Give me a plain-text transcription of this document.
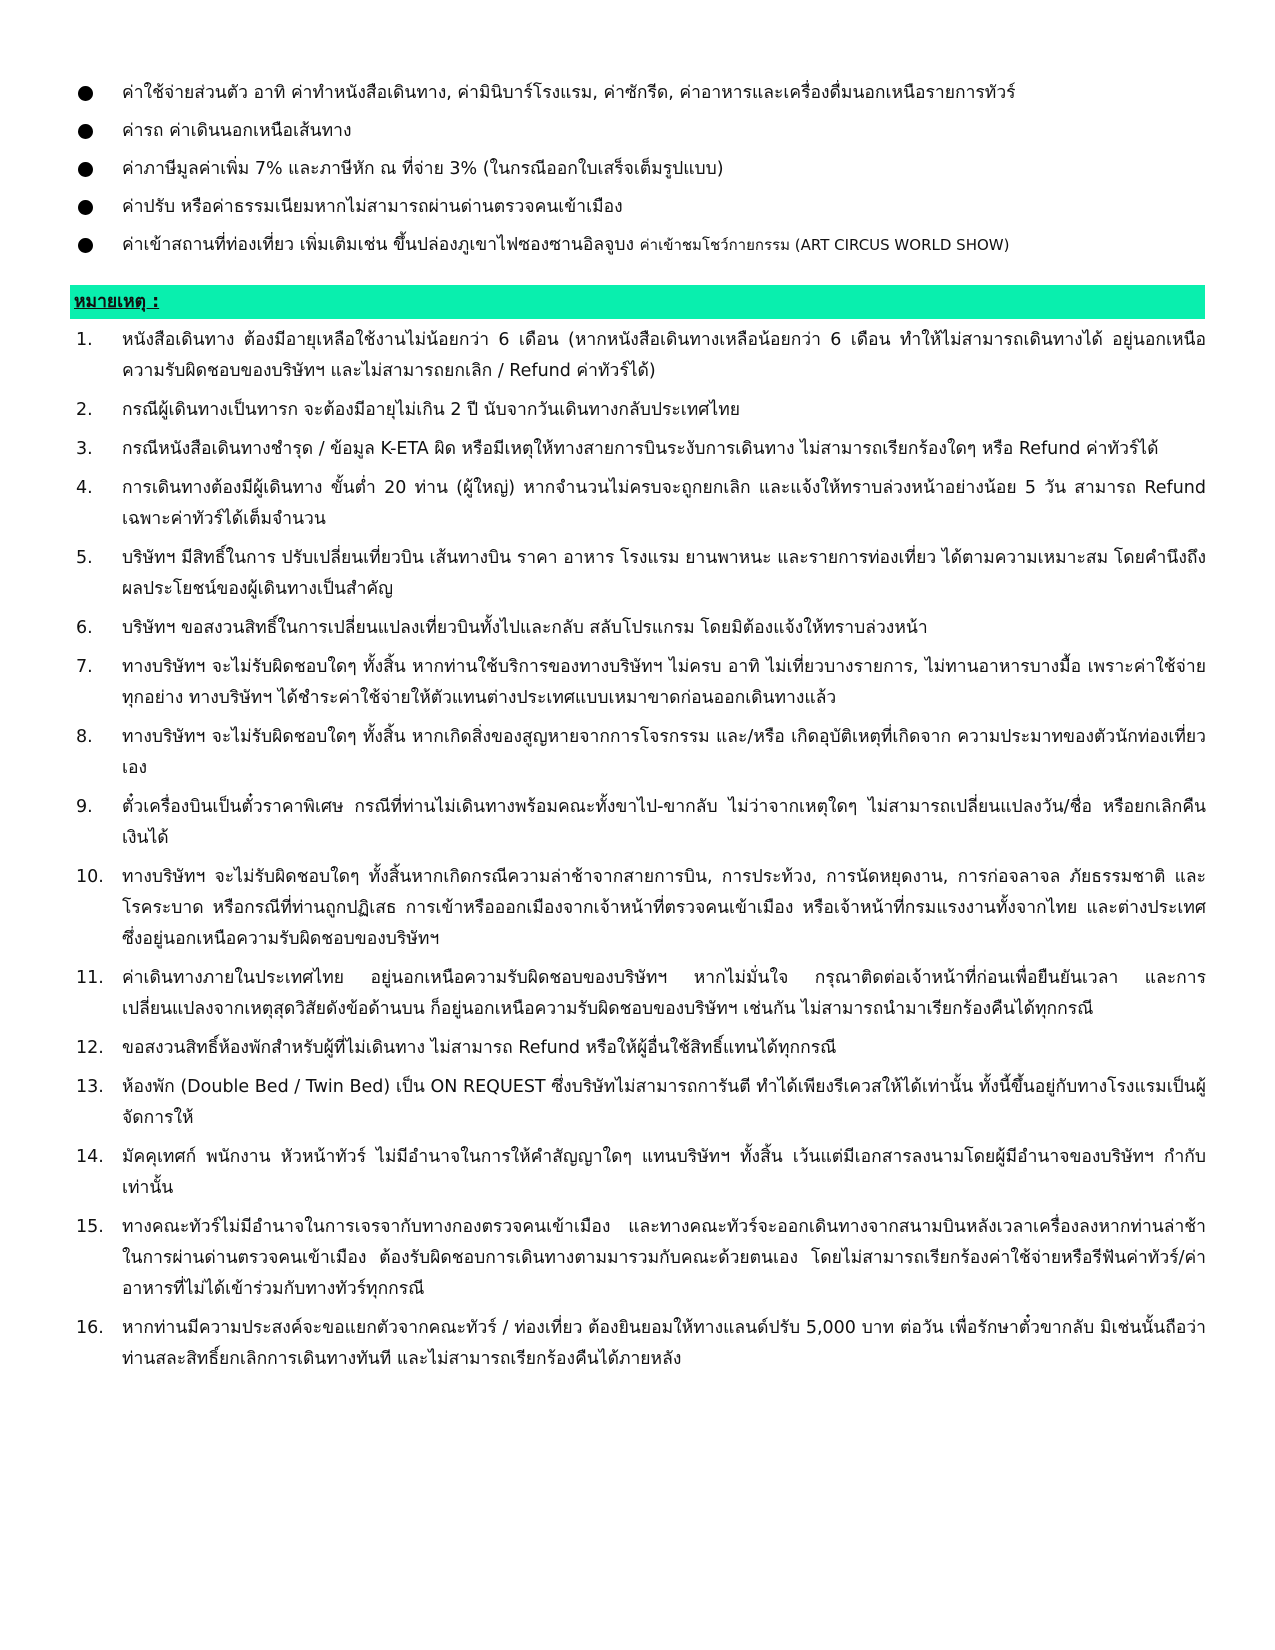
ค่าใช้จ่ายส่วนตัว อาทิ ค่าทำหนังสือเดินทาง, ค่ามินิบาร์โรงแรม, ค่าซักรีด, ค่าอาหารและเครื่องดื่มนอกเหนือรายการทัวร์
ค่ารถ ค่าเดินนอกเหนือเส้นทาง
ค่าภาษีมูลค่าเพิ่ม 7% และภาษีหัก ณ ที่จ่าย 3% (ในกรณีออกใบเสร็จเต็มรูปแบบ)
ค่าปรับ หรือค่าธรรมเนียมหากไม่สามารถผ่านด่านตรวจคนเข้าเมือง
ค่าเข้าสถานที่ท่องเที่ยว เพิ่มเติมเช่น ขึ้นปล่องภูเขาไฟซองซานอิลจูบง ค่าเข้าชมโชว์กายกรรม (ART CIRCUS WORLD SHOW)
หมายเหตุ :
1. หนังสือเดินทาง ต้องมีอายุเหลือใช้งานไม่น้อยกว่า 6 เดือน (หากหนังสือเดินทางเหลือน้อยกว่า 6 เดือน ทำให้ไม่สามารถเดินทางได้ อยู่นอกเหนือความรับผิดชอบของบริษัทฯ และไม่สามารถยกเลิก / Refund ค่าทัวร์ได้)
2. กรณีผู้เดินทางเป็นทารก จะต้องมีอายุไม่เกิน 2 ปี นับจากวันเดินทางกลับประเทศไทย
3. กรณีหนังสือเดินทางชำรุด / ข้อมูล K-ETA ผิด หรือมีเหตุให้ทางสายการบินระงับการเดินทาง ไม่สามารถเรียกร้องใดๆ หรือ Refund ค่าทัวร์ได้
4. การเดินทางต้องมีผู้เดินทาง ขั้นต่ำ 20 ท่าน (ผู้ใหญ่) หากจำนวนไม่ครบจะถูกยกเลิก และแจ้งให้ทราบล่วงหน้าอย่างน้อย 5 วัน สามารถ Refund เฉพาะค่าทัวร์ได้เต็มจำนวน
5. บริษัทฯ มีสิทธิ์ในการ ปรับเปลี่ยนเที่ยวบิน เส้นทางบิน ราคา อาหาร โรงแรม ยานพาหนะ และรายการท่องเที่ยว ได้ตามความเหมาะสม โดยคำนึงถึงผลประโยชน์ของผู้เดินทางเป็นสำคัญ
6. บริษัทฯ ขอสงวนสิทธิ์ในการเปลี่ยนแปลงเที่ยวบินทั้งไปและกลับ สลับโปรแกรม โดยมิต้องแจ้งให้ทราบล่วงหน้า
7. ทางบริษัทฯ จะไม่รับผิดชอบใดๆ ทั้งสิ้น หากท่านใช้บริการของทางบริษัทฯ ไม่ครบ อาทิ ไม่เที่ยวบางรายการ, ไม่ทานอาหารบางมื้อ เพราะค่าใช้จ่ายทุกอย่าง ทางบริษัทฯ ได้ชำระค่าใช้จ่ายให้ตัวแทนต่างประเทศแบบเหมาขาดก่อนออกเดินทางแล้ว
8. ทางบริษัทฯ จะไม่รับผิดชอบใดๆ ทั้งสิ้น หากเกิดสิ่งของสูญหายจากการโจรกรรม และ/หรือ เกิดอุบัติเหตุที่เกิดจาก ความประมาทของตัวนักท่องเที่ยวเอง
9. ตั๋วเครื่องบินเป็นตั๋วราคาพิเศษ กรณีที่ท่านไม่เดินทางพร้อมคณะทั้งขาไป-ขากลับ ไม่ว่าจากเหตุใดๆ ไม่สามารถเปลี่ยนแปลงวัน/ชื่อ หรือยกเลิกคืนเงินได้
10. ทางบริษัทฯ จะไม่รับผิดชอบใดๆ ทั้งสิ้นหากเกิดกรณีความล่าช้าจากสายการบิน, การประท้วง, การนัดหยุดงาน, การก่อจลาจล ภัยธรรมชาติ และโรคระบาด หรือกรณีที่ท่านถูกปฏิเสธ การเข้าหรือออกเมืองจากเจ้าหน้าที่ตรวจคนเข้าเมือง หรือเจ้าหน้าที่กรมแรงงานทั้งจากไทย และต่างประเทศ ซึ่งอยู่นอกเหนือความรับผิดชอบของบริษัทฯ
11. ค่าเดินทางภายในประเทศไทย อยู่นอกเหนือความรับผิดชอบของบริษัทฯ หากไม่มั่นใจ กรุณาติดต่อเจ้าหน้าที่ก่อนเพื่อยืนยันเวลา และการเปลี่ยนแปลงจากเหตุสุดวิสัยดังข้อด้านบน ก็อยู่นอกเหนือความรับผิดชอบของบริษัทฯ เช่นกัน ไม่สามารถนำมาเรียกร้องคืนได้ทุกกรณี
12. ขอสงวนสิทธิ์ห้องพักสำหรับผู้ที่ไม่เดินทาง ไม่สามารถ Refund หรือให้ผู้อื่นใช้สิทธิ์แทนได้ทุกกรณี
13. ห้องพัก (Double Bed / Twin Bed) เป็น ON REQUEST ซึ่งบริษัทไม่สามารถการันตี ทำได้เพียงรีเควสให้ได้เท่านั้น ทั้งนี้ขึ้นอยู่กับทางโรงแรมเป็นผู้จัดการให้
14. มัคคุเทศก์ พนักงาน หัวหน้าทัวร์ ไม่มีอำนาจในการให้คำสัญญาใดๆ แทนบริษัทฯ ทั้งสิ้น เว้นแต่มีเอกสารลงนามโดยผู้มีอำนาจของบริษัทฯ กำกับเท่านั้น
15. ทางคณะทัวร์ไม่มีอำนาจในการเจรจากับทางกองตรวจคนเข้าเมือง และทางคณะทัวร์จะออกเดินทางจากสนามบินหลังเวลาเครื่องลงหากท่านล่าช้าในการผ่านด่านตรวจคนเข้าเมือง ต้องรับผิดชอบการเดินทางตามมารวมกับคณะด้วยตนเอง โดยไม่สามารถเรียกร้องค่าใช้จ่ายหรือรีฟันค่าทัวร์/ค่าอาหารที่ไม่ได้เข้าร่วมกับทางทัวร์ทุกกรณี
16. หากท่านมีความประสงค์จะขอแยกตัวจากคณะทัวร์ / ท่องเที่ยว ต้องยินยอมให้ทางแลนด์ปรับ 5,000 บาท ต่อวัน เพื่อรักษาตั๋วขากลับ มิเช่นนั้นถือว่าท่านสละสิทธิ์ยกเลิกการเดินทางทันที และไม่สามารถเรียกร้องคืนได้ภายหลัง
